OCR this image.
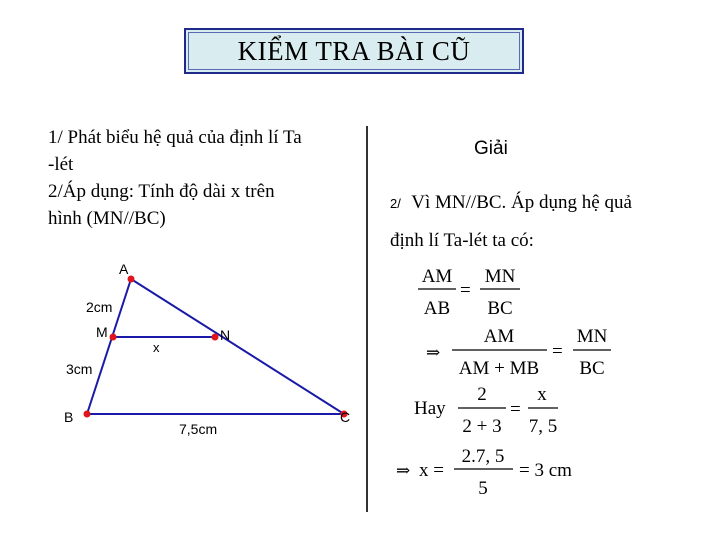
KIỂM TRA BÀI CŨ

1/ Phát biểu hệ quả của định lí Ta

-lét

2/Áp dụng: Tính độ dài x trên

hình (MN//BC)

A
B	C
M	N
2cm
3cm
x
7,5cm
Giải
2/ Vì MN//BC. Áp dụng hệ quả
định lí Ta-lét ta có:
AM
AB
=
MN
BC
⇒
AM
AM + MB
=
MN
BC
Hay
2
2 + 3
=
x
7, 5
⇒ x =
2.7, 5
5
= 3 cm
